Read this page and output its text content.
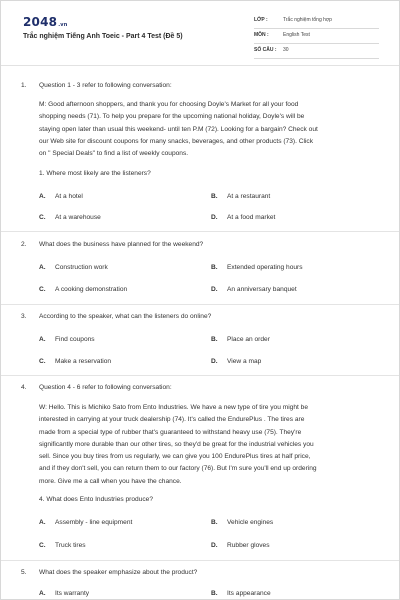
2048.vn
Trắc nghiệm Tiếng Anh Toeic - Part 4 Test (Đề 5)
LỚP :	Trắc nghiệm tổng hợp
MÔN :	English Test
SỐ CÂU : 30
1. Question 1 - 3 refer to following conversation:
M: Good afternoon shoppers, and thank you for choosing Doyle's Market for all your food
shopping needs (71). To help you prepare for the upcoming national holiday, Doyle's will be
staying open later than usual this weekend- until ten P.M (72). Looking for a bargain? Check out
our Web site for discount coupons for many snacks, beverages, and other products (73). Click
on " Special Deals" to find a list of weekly coupons.
1. Where most likely are the listeners?
A. At a hotel	B. At a restaurant
C. At a warehouse	D. At a food market
2. What does the business have planned for the weekend?
A. Construction work	B. Extended operating hours
C. A cooking demonstration	D. An anniversary banquet
3. According to the speaker, what can the listeners do online?
A. Find coupons	B. Place an order
C. Make a reservation	D. View a map
4. Question 4 - 6 refer to following conversation:
W: Hello. This is Michiko Sato from Ento Industries. We have a new type of tire you might be
interested in carrying at your truck dealership (74). It's called the EndurePlus . The tires are
made from a special type of rubber that's guaranteed to withstand heavy use (75). They're
significantly more durable than our other tires, so they'd be great for the industrial vehicles you
sell. Since you buy tires from us regularly, we can give you 100 EndurePlus tires at half price,
and if they don't sell, you can return them to our factory (76). But I'm sure you'll end up ordering
more. Give me a call when you have the chance.
4. What does Ento Industries produce?
A. Assembly - line equipment	B. Vehicle engines
C. Truck tires	D. Rubber gloves
5. What does the speaker emphasize about the product?
A. Its warranty	B. Its appearance
